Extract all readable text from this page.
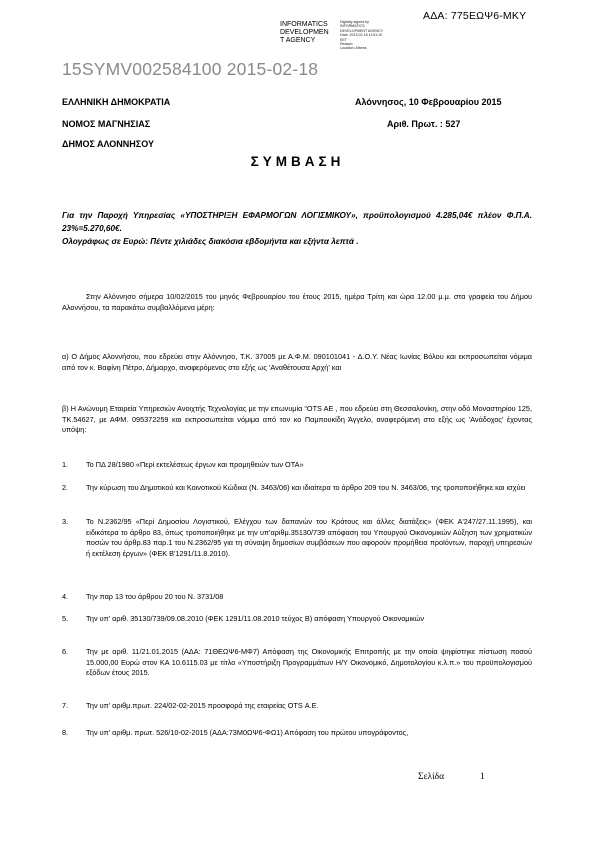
ΑΔΑ: 775ΕΩΨ6-ΜΚΥ
INFORMATICS
DEVELOPMEN
T AGENCY
Digitally signed by
INFORMATICS
DEVELOPMENT AGENCY
Date: 2015.02.18 11:51:10
EET
Reason:
Location: Athens
15SYMV002584100 2015-02-18
ΕΛΛΗΝΙΚΗ ΔΗΜΟΚΡΑΤΙΑ
ΝΟΜΟΣ ΜΑΓΝΗΣΙΑΣ
ΔΗΜΟΣ ΑΛΟΝΝΗΣΟΥ
Αλόννησος, 10 Φεβρουαρίου 2015
Αριθ. Πρωτ. : 527
ΣΥΜΒΑΣΗ
Για την Παροχή Υπηρεσίας «ΥΠΟΣΤΗΡΙΞΗ ΕΦΑΡΜΟΓΩΝ ΛΟΓΙΣΜΙΚΟΥ», προϋπολογισμού 4.285,04€ πλέον Φ.Π.Α. 23%=5.270,60€.
Ολογράφως σε Ευρώ: Πέντε χιλιάδες διακόσια εβδομήντα και εξήντα λεπτά .
Στην Αλόννησο σήμερα 10/02/2015 του μηνός Φεβρουαρίου του έτους 2015, ημέρα Τρίτη και ώρα 12.00 μ.μ. στα γραφεία του Δήμου Αλοννήσου, τα παρακάτω συμβαλλόμενα μέρη:
α) Ο Δήμος Αλοννήσου, που εδρεύει στην Αλόννησο, Τ.Κ. 37005 με Α.Φ.Μ. 090101041 - Δ.Ο.Υ. Νέας Ιωνίας Βόλου και εκπροσωπείται νόμιμα από τον κ. Βαφίνη Πέτρο, Δήμαρχο, αναφερόμενος στο εξής ως 'Αναθέτουσα Αρχή' και
β) Η Ανώνυμη Εταιρεία Υπηρεσιών Ανοιχτής Τεχνολογίας με την επωνυμία “OTS AE , που εδρεύει στη Θεσσαλονίκη, στην οδό Μοναστηρίου 125, ΤΚ.54627, με ΑΦΜ. 095372259 και εκπροσωπείται νόμιμα από τον κο Παμπουκίδη Άγγελο, αναφερόμενη στο εξής ως 'Ανάδοχος' έχοντας υπόψη:
1. Το ΠΔ 28/1980 «Περί εκτελέσεως έργων και προμηθειών των ΟΤΑ»
2. Την κύρωση του Δημοτικού και Κοινοτικού Κώδικα (Ν. 3463/06) και ιδιαίτερα το άρθρο 209 του Ν. 3463/06, της τροποποιήθηκε και ισχύει
3. Το Ν.2362/95 «Περί Δημοσίου Λογιστικού, Ελέγχου των δαπανών του Κράτους και άλλες διατάξεις» (ΦΕΚ Α'247/27.11.1995), και ειδικότερα το άρθρο 83, όπως τροποποιήθηκε με την υπ'αριθμ.35130/739 απόφαση του Υπουργού Οικονομικών Αύξηση των χρηματικών ποσών του άρθρ.83 παρ.1 του Ν.2362/95 για τη σύναψη δημοσίων συμβάσεων που αφορούν προμήθεια προϊόντων, παροχή υπηρεσιών ή εκτέλεση έργων» (ΦΕΚ Β'1291/11.8.2010).
4. Την παρ 13 του άρθρου 20 του Ν. 3731/08
5. Την υπ' αριθ. 35130/739/09.08.2010 (ΦΕΚ 1291/11.08.2010 τεύχος Β) απόφαση Υπουργού Οικονομικών
6. Την με αριθ. 11/21.01.2015 (ΑΔΑ: 71ΘΕΩΨ6-ΜΦ7) Απόφαση της Οικονομικής Επιτροπής με την οποία ψηφίστηκε πίστωση ποσού 15.000,00 Ευρώ στον ΚΑ 10.6115.03 με τίτλο «Υποστήριξη Προγραμμάτων Η/Υ Οικονομικό, Δημοτολογίου κ.λ.π.» του προϋπολογισμού εξόδων έτους 2015.
7. Την υπ' αριθμ.πρωτ. 224/02-02-2015 προσφορά της εταιρείας OTS Α.Ε.
8. Την υπ' αριθμ. πρωτ. 526/10-02-2015 (ΑΔΑ:73Μ0ΩΨ6-ΦΩ1) Απόφαση του πρώτου υπογράφοντος,
Σελίδα	1
